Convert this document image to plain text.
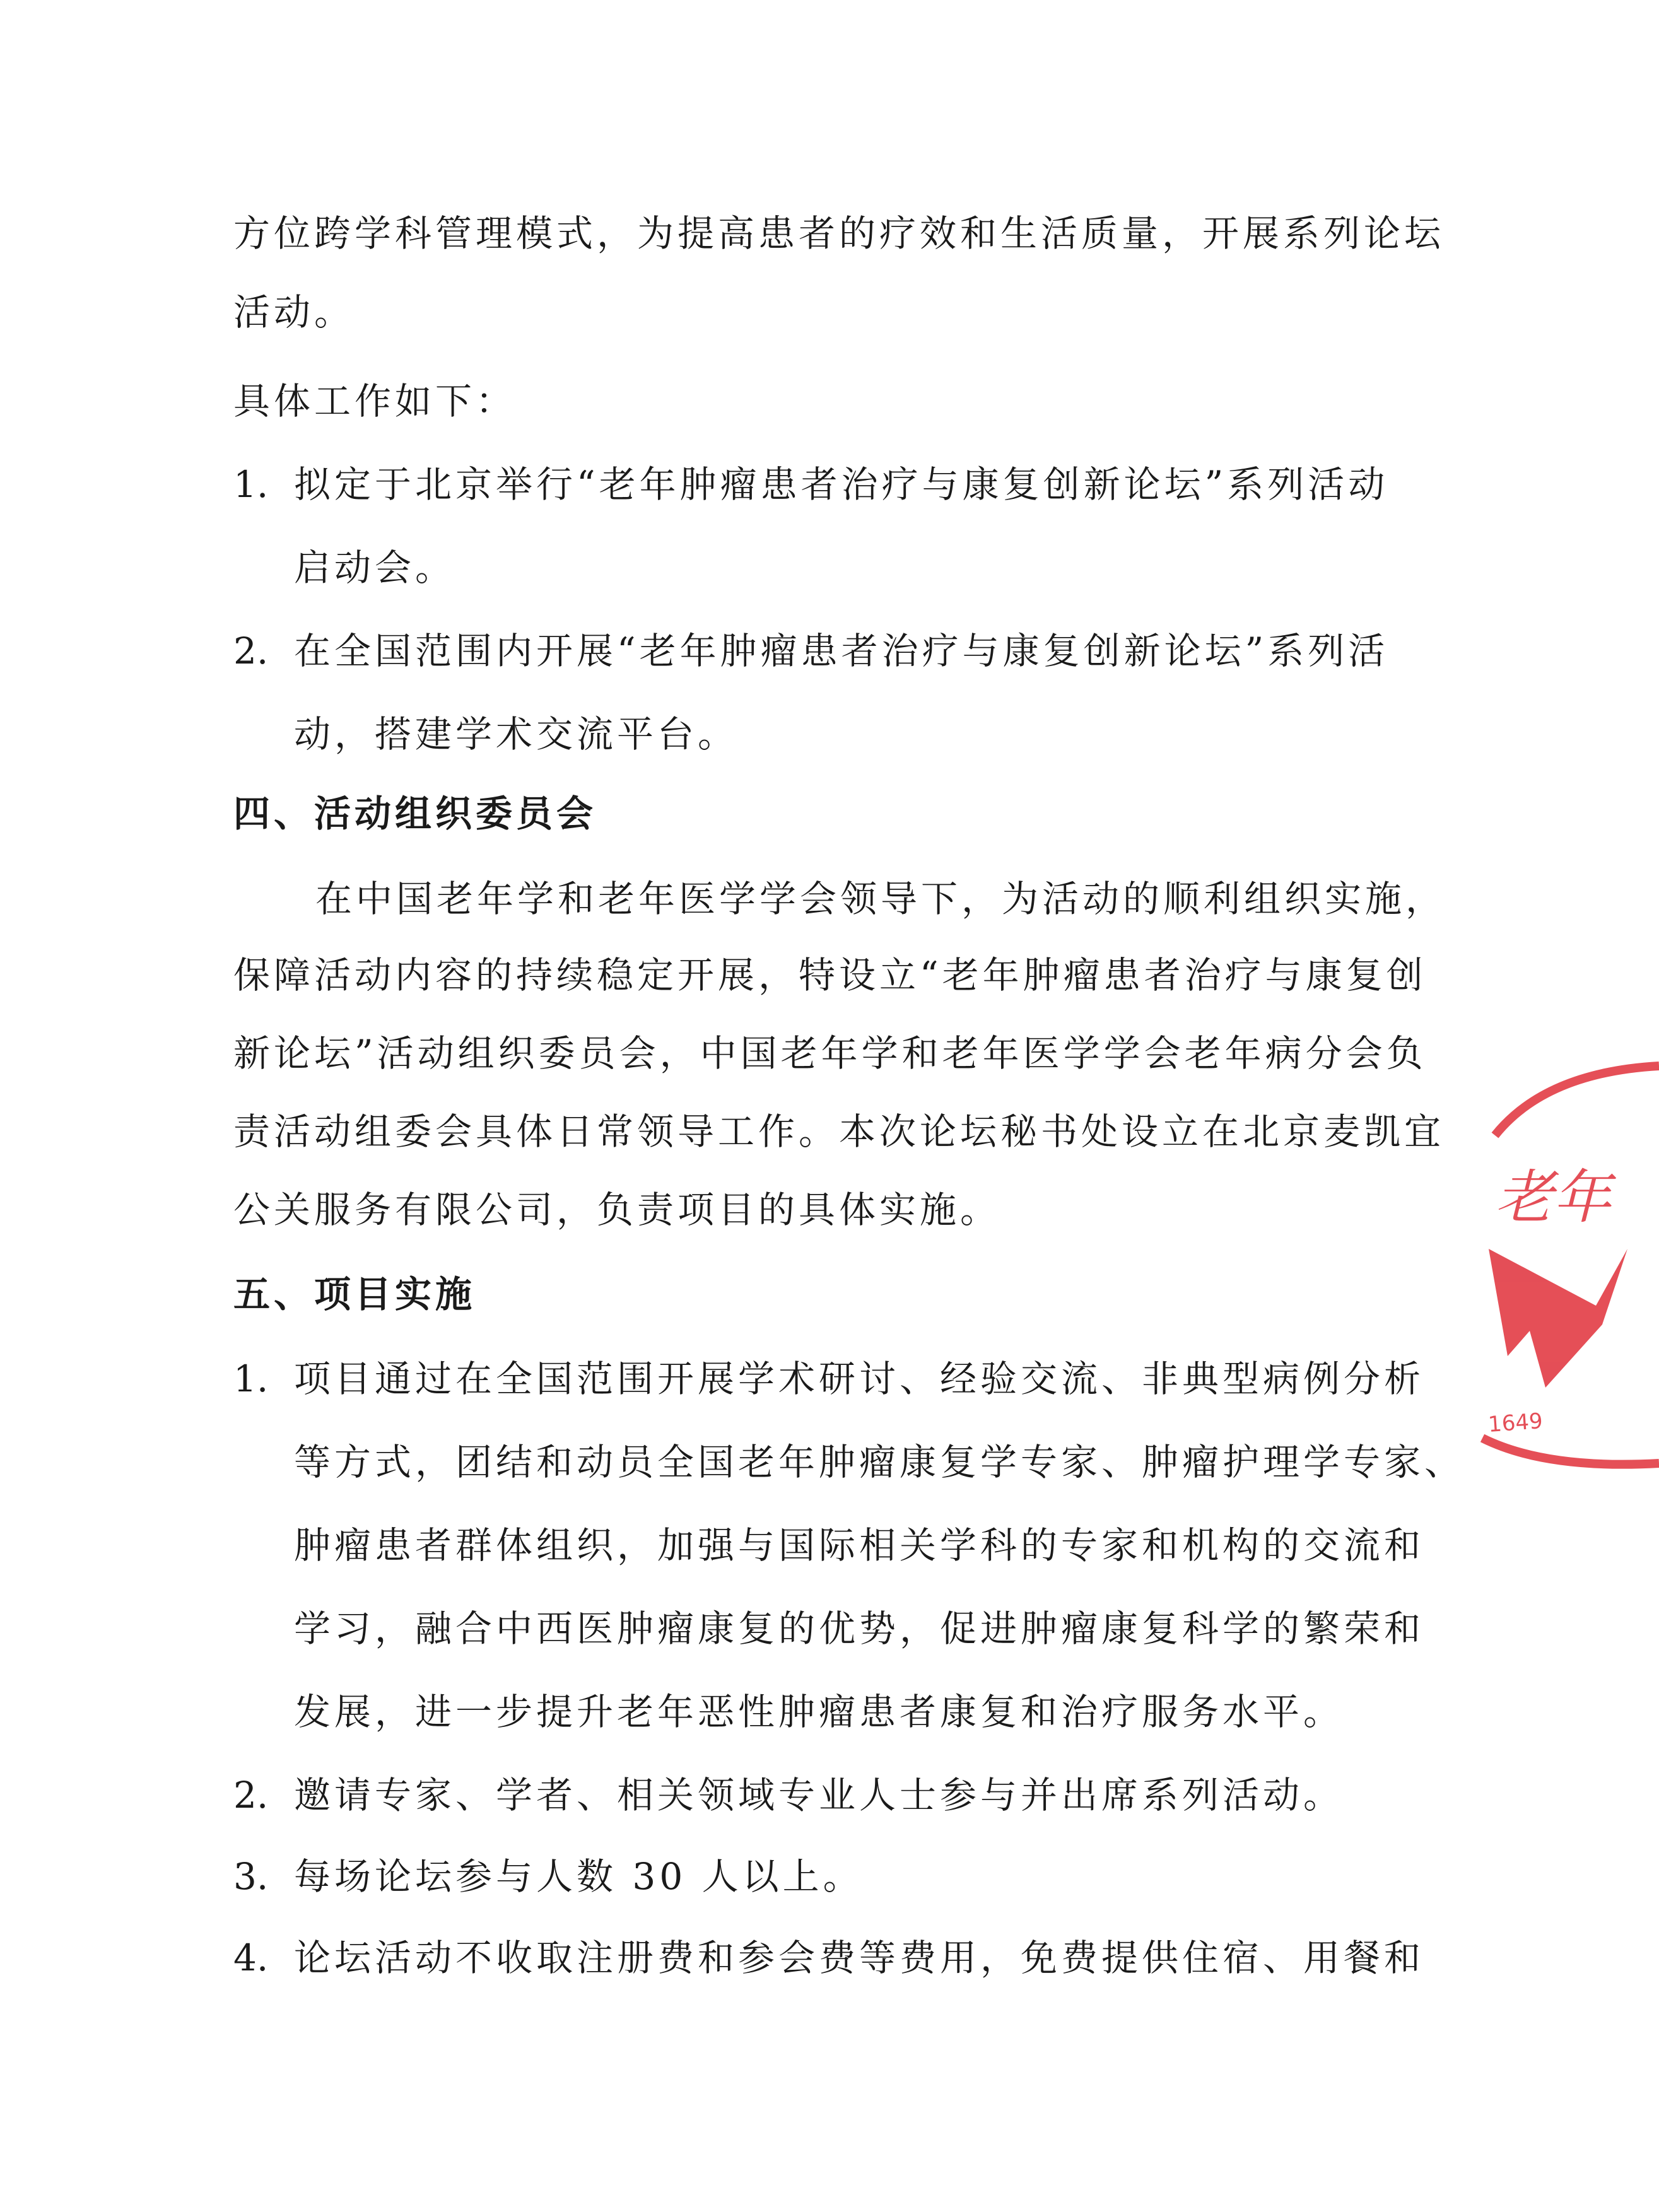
方位跨学科管理模式，为提高患者的疗效和生活质量，开展系列论坛
活动。
具体工作如下：
1. 拟定于北京举行“老年肿瘤患者治疗与康复创新论坛”系列活动
启动会。
2. 在全国范围内开展“老年肿瘤患者治疗与康复创新论坛”系列活
动，搭建学术交流平台。
四、活动组织委员会
在中国老年学和老年医学学会领导下，为活动的顺利组织实施，
保障活动内容的持续稳定开展，特设立“老年肿瘤患者治疗与康复创
新论坛”活动组织委员会，中国老年学和老年医学学会老年病分会负
责活动组委会具体日常领导工作。本次论坛秘书处设立在北京麦凯宜
公关服务有限公司，负责项目的具体实施。
五、项目实施
1. 项目通过在全国范围开展学术研讨、经验交流、非典型病例分析
等方式，团结和动员全国老年肿瘤康复学专家、肿瘤护理学专家、
肿瘤患者群体组织，加强与国际相关学科的专家和机构的交流和
学习，融合中西医肿瘤康复的优势，促进肿瘤康复科学的繁荣和
发展，进一步提升老年恶性肿瘤患者康复和治疗服务水平。
2. 邀请专家、学者、相关领域专业人士参与并出席系列活动。
3. 每场论坛参与人数 30 人以上。
4. 论坛活动不收取注册费和参会费等费用，免费提供住宿、用餐和
老年
1649
